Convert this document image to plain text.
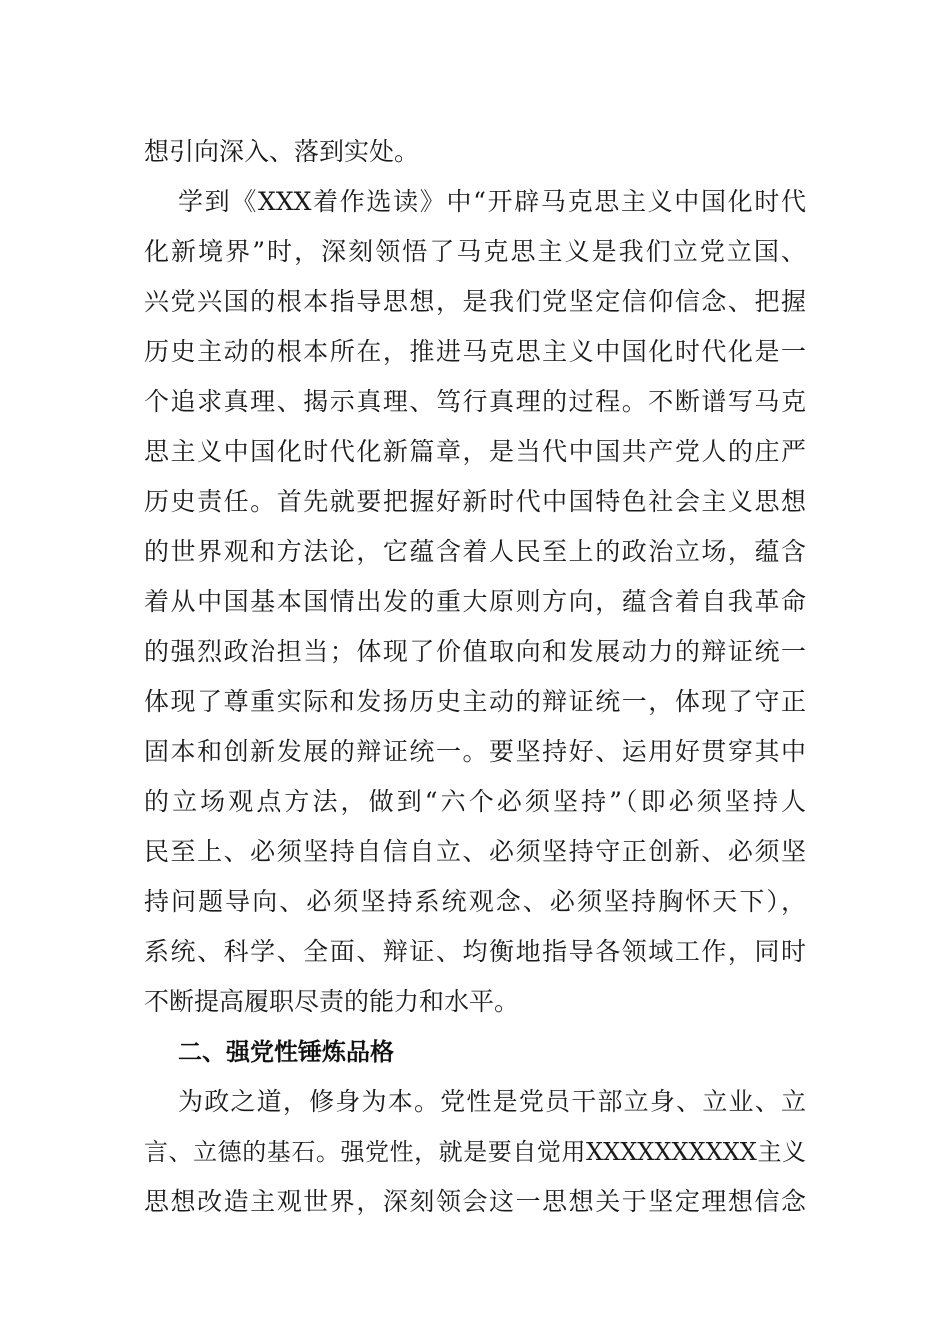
想引向深入、落到实处。
学到《XXX着作选读》中“开辟马克思主义中国化时代
化新境界”时，深刻领悟了马克思主义是我们立党立国、
兴党兴国的根本指导思想，是我们党坚定信仰信念、把握
历史主动的根本所在，推进马克思主义中国化时代化是一
个追求真理、揭示真理、笃行真理的过程。不断谱写马克
思主义中国化时代化新篇章，是当代中国共产党人的庄严
历史责任。首先就要把握好新时代中国特色社会主义思想
的世界观和方法论，它蕴含着人民至上的政治立场，蕴含
着从中国基本国情出发的重大原则方向，蕴含着自我革命
的强烈政治担当；体现了价值取向和发展动力的辩证统一
体现了尊重实际和发扬历史主动的辩证统一，体现了守正
固本和创新发展的辩证统一。要坚持好、运用好贯穿其中
的立场观点方法，做到“六个必须坚持”（即必须坚持人
民至上、必须坚持自信自立、必须坚持守正创新、必须坚
持问题导向、必须坚持系统观念、必须坚持胸怀天下），
系统、科学、全面、辩证、均衡地指导各领域工作，同时
不断提高履职尽责的能力和水平。
二、强党性锤炼品格
为政之道，修身为本。党性是党员干部立身、立业、立
言、立德的基石。强党性，就是要自觉用XXXXXXXXXX主义
思想改造主观世界，深刻领会这一思想关于坚定理想信念
